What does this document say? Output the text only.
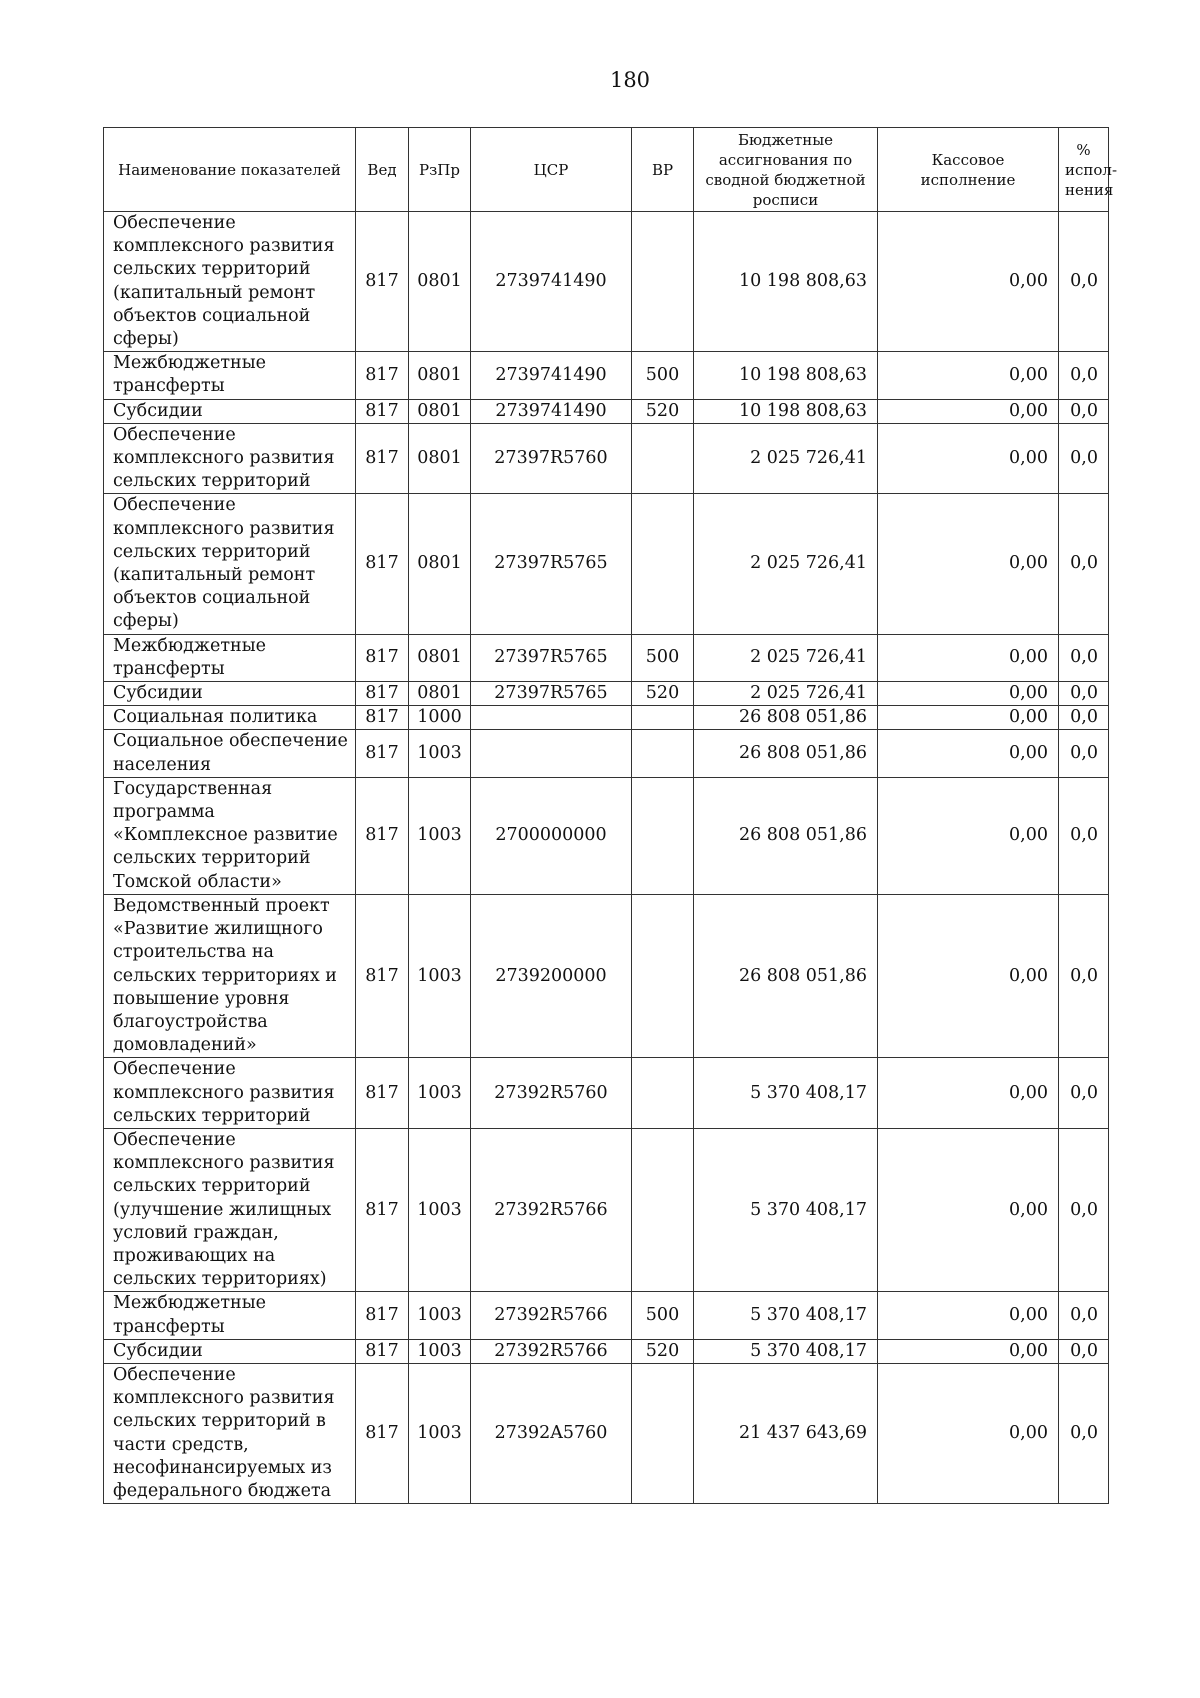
180
Наименование показателей	Вед	РзПр	ЦСР	ВР	Бюджетные ассигнования по сводной бюджетной росписи	Кассовое исполнение	% испол-нения
Обеспечение комплексного развития сельских территорий (капитальный ремонт объектов социальной сферы)	817	0801	2739741490		10 198 808,63	0,00	0,0
Межбюджетные трансферты	817	0801	2739741490	500	10 198 808,63	0,00	0,0
Субсидии	817	0801	2739741490	520	10 198 808,63	0,00	0,0
Обеспечение комплексного развития сельских территорий	817	0801	27397R5760		2 025 726,41	0,00	0,0
Обеспечение комплексного развития сельских территорий (капитальный ремонт объектов социальной сферы)	817	0801	27397R5765		2 025 726,41	0,00	0,0
Межбюджетные трансферты	817	0801	27397R5765	500	2 025 726,41	0,00	0,0
Субсидии	817	0801	27397R5765	520	2 025 726,41	0,00	0,0
Социальная политика	817	1000			26 808 051,86	0,00	0,0
Социальное обеспечение населения	817	1003			26 808 051,86	0,00	0,0
Государственная программа «Комплексное развитие сельских территорий Томской области»	817	1003	2700000000		26 808 051,86	0,00	0,0
Ведомственный проект «Развитие жилищного строительства на сельских территориях и повышение уровня благоустройства домовладений»	817	1003	2739200000		26 808 051,86	0,00	0,0
Обеспечение комплексного развития сельских территорий	817	1003	27392R5760		5 370 408,17	0,00	0,0
Обеспечение комплексного развития сельских территорий (улучшение жилищных условий граждан, проживающих на сельских территориях)	817	1003	27392R5766		5 370 408,17	0,00	0,0
Межбюджетные трансферты	817	1003	27392R5766	500	5 370 408,17	0,00	0,0
Субсидии	817	1003	27392R5766	520	5 370 408,17	0,00	0,0
Обеспечение комплексного развития сельских территорий в части средств, несофинансируемых из федерального бюджета	817	1003	27392A5760		21 437 643,69	0,00	0,0
